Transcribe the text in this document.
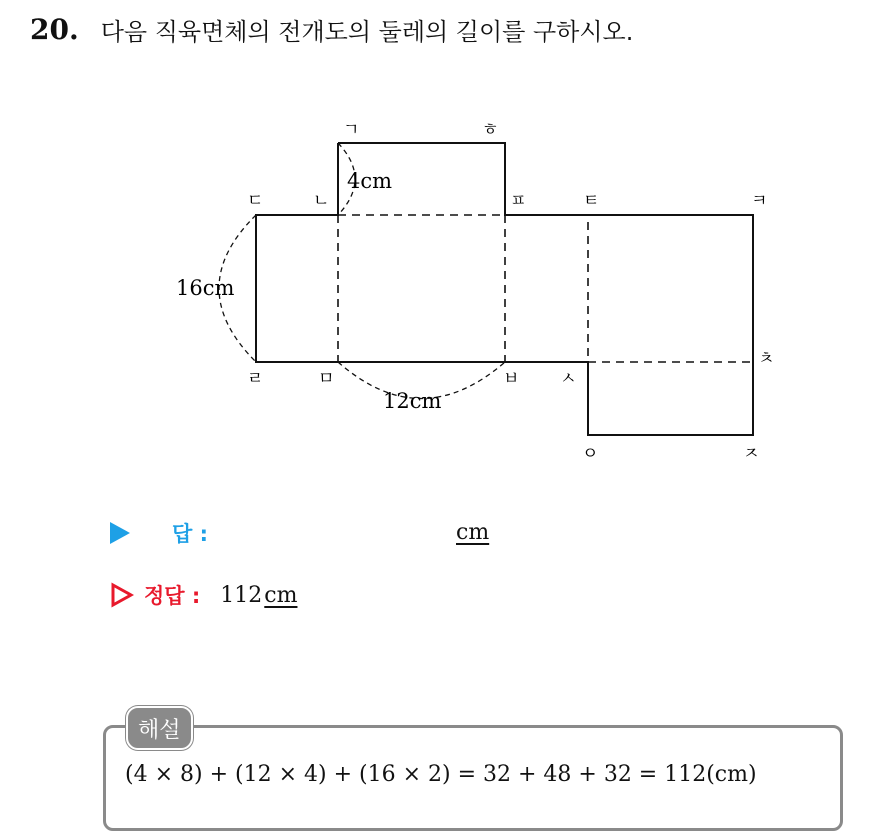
20. 다음 직육면체의 전개도의 둘레의 길이를 구하시오.
ㄱ	ㅎ
ㄷ	ㄴ	ㅍ	ㅌ	ㅋ
ㄹ	ㅁ	ㅂ ㅅ
ㅊ
ㅇ	ㅈ
4cm
16cm
12cm
답 :	cm
정답 : 112 cm
해설
(4 × 8) + (12 × 4) + (16 × 2) = 32 + 48 + 32 = 112(cm)
